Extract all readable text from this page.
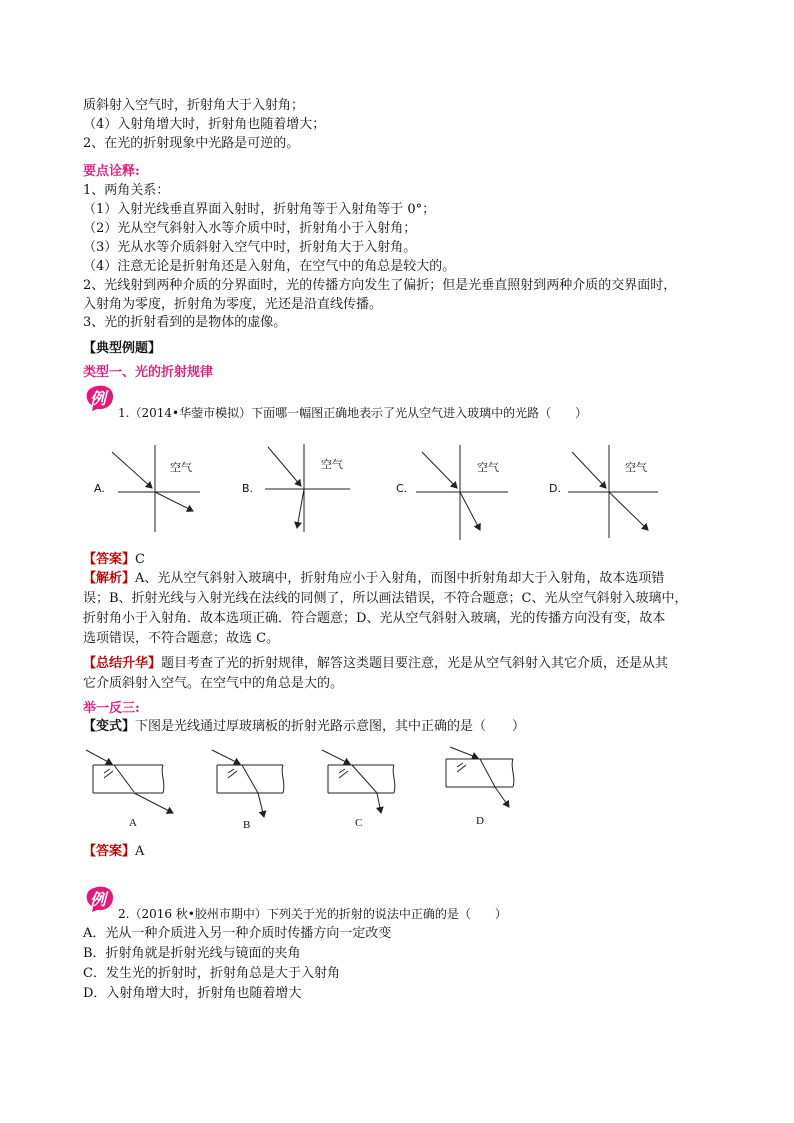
质斜射入空气时，折射角大于入射角；
（4）入射角增大时，折射角也随着增大；
2、在光的折射现象中光路是可逆的。
要点诠释:
1、两角关系：
（1）入射光线垂直界面入射时，折射角等于入射角等于 0°；
（2）光从空气斜射入水等介质中时，折射角小于入射角；
（3）光从水等介质斜射入空气中时，折射角大于入射角。
（4）注意无论是折射角还是入射角，在空气中的角总是较大的。
2、光线射到两种介质的分界面时，光的传播方向发生了偏折；但是光垂直照射到两种介质的交界面时，
入射角为零度，折射角为零度，光还是沿直线传播。
3、光的折射看到的是物体的虚像。
【典型例题】
类型一、光的折射规律
例
1.（2014•华蓥市模拟）下面哪一幅图正确地表示了光从空气进入玻璃中的光路（　　）
A.
空气
B.
空气
C.
空气
D.
空气
【答案】C
【解析】A、光从空气斜射入玻璃中，折射角应小于入射角，而图中折射角却大于入射角，故本选项错
误；B、折射光线与入射光线在法线的同侧了，所以画法错误，不符合题意；C、光从空气斜射入玻璃中，
折射角小于入射角．故本选项正确．符合题意；D、光从空气斜射入玻璃，光的传播方向没有变，故本
选项错误，不符合题意；故选 C。
【总结升华】题目考查了光的折射规律，解答这类题目要注意，光是从空气斜射入其它介质，还是从其
它介质斜射入空气。在空气中的角总是大的。
举一反三:
【变式】下图是光线通过厚玻璃板的折射光路示意图，其中正确的是（　　）
A	B	C	D
【答案】A
例
2.（2016 秋•胶州市期中）下列关于光的折射的说法中正确的是（　　）
A．光从一种介质进入另一种介质时传播方向一定改变
B．折射角就是折射光线与镜面的夹角
C．发生光的折射时，折射角总是大于入射角
D．入射角增大时，折射角也随着增大
